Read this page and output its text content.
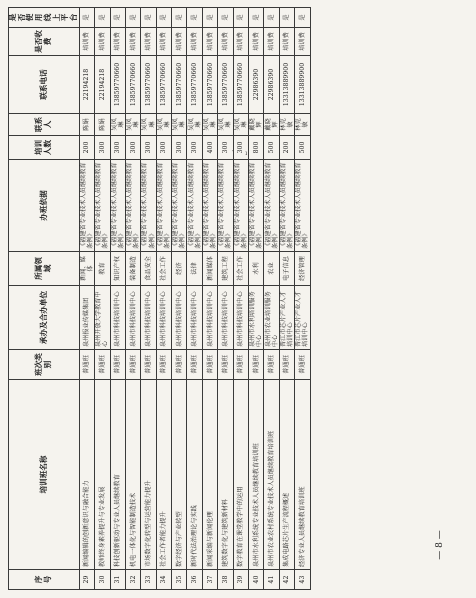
′ ı
序号	培训班名称	班次类别	承办及合办单位	所属领域	办班依据	培训人数	联系人	联系电话	是否收费	是否使用线上平台
29	新闻编辑的创新意识与融合能力	普通班	泉州报业传媒集团	新闻、媒体	《福建省专业技术人员继续教育条例》	200	陈娟	22194218	培训费	是
30	教师终身素养提升与专业发展	普通班	泉州开放大学教育中心	教育	《福建省专业技术人员继续教育条例》	300	陈娟	22194218	培训费	是
31	科技创新驱动与专业人员继续教育	普通班	泉州市科技培训中心	知识产权	《福建省专业技术人员继续教育条例》	300	吴凤琳	13859770660	培训费	是
32	机电一体化与智能制造技术	普通班	泉州市科技培训中心	装备制造	《福建省专业技术人员继续教育条例》	300	吴凤琳	13859770660	培训费	是
33	市场数字化转型与运营能力提升	普通班	泉州市科技培训中心	食品安全	《福建省专业技术人员继续教育条例》	300	吴凤琳	13859770660	培训费	是
34	社会工作者能力提升	普通班	泉州市科技培训中心	社会工作	《福建省专业技术人员继续教育条例》	300	吴凤琳	13859770660	培训费	是
35	数字经济与产业转型	普通班	泉州市科技培训中心	经济	《福建省专业技术人员继续教育条例》	300	吴凤琳	13859770660	培训费	是
36	新时代法治理论与实践	普通班	泉州市科技培训中心	法律	《福建省专业技术人员继续教育条例》	300	吴凤琳	13859770660	培训费	是
37	新闻采编与新闻伦理	普通班	泉州市科技培训中心	新闻媒体	《福建省专业技术人员继续教育条例》	400	吴凤琳	13859770660	培训费	是
38	建筑数字化与建筑新材料	普通班	泉州市科技培训中心	建筑工程	《福建省专业技术人员继续教育条例》	300	吴凤琳	13859770660	培训费	是
39	数字教育在课堂教学中的运用	普通班	泉州市科技培训中心	社会工作	《福建省专业技术人员继续教育条例》	300	吴凤琳	13859770660	培训费	是
40	泉州市水利系统专业技术人员继续教育培训班	普通班	泉州市水利培训服务中心	水利	《福建省专业技术人员继续教育条例》	800	戴晓辉	22986390	培训费	是
41	泉州市农业农村系统专业技术人员继续教育培训班	普通班	泉州市农业培训服务中心	农业	《福建省专业技术人员继续教育条例》	500	戴晓辉	22986390	培训费	是
42	集成电路芯片生产流程概述	普通班	晋江市芯片产业人才培训中心	电子信息	《福建省专业技术人员继续教育条例》	200	林克敏	13313889900	培训费	是
43	经济专业人员继续教育培训班	普通班	晋江市芯片产业人才培训中心	经济管理	《福建省专业技术人员继续教育条例》	500	林克敏	13313889900	培训费	是
— 8 —
